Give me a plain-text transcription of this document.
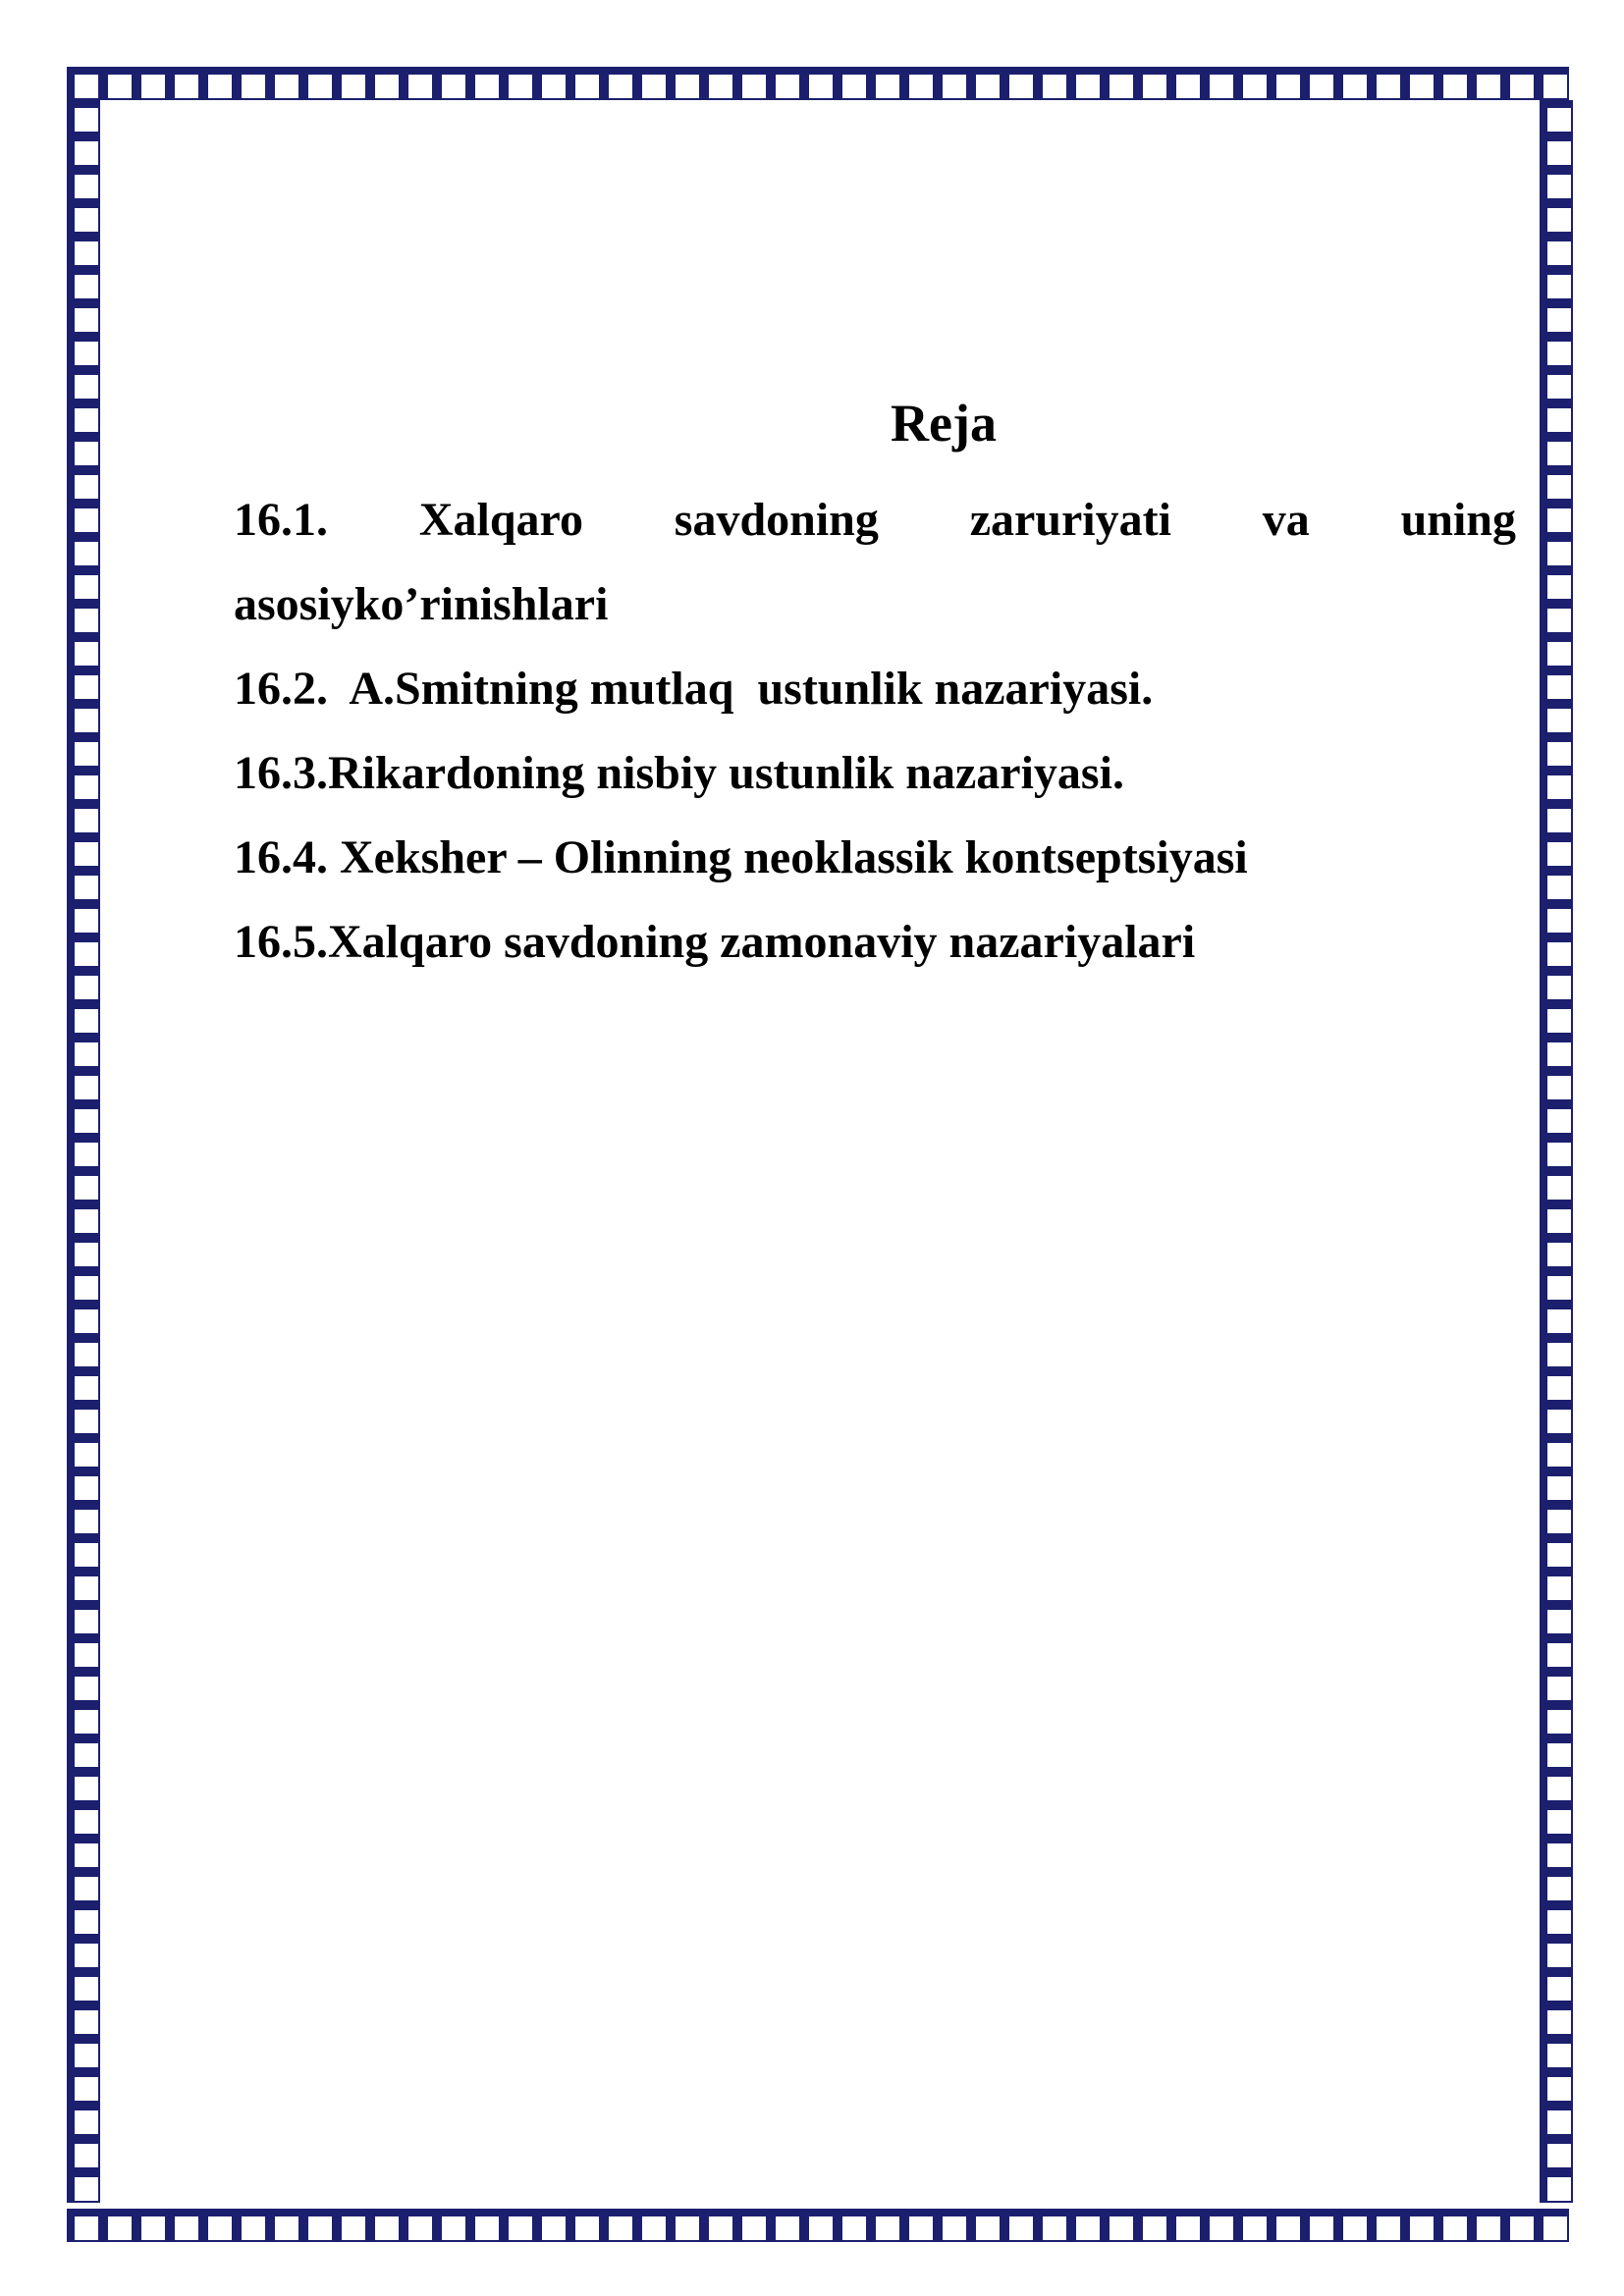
Reja
16.1. Xalqaro savdoning zaruriyati va uning

asosiyko’rinishlari

16.2.  A.Smitning mutlaq  ustunlik nazariyasi.

16.3.Rikardoning nisbiy ustunlik nazariyasi.

16.4. Xeksher – Olinning neoklassik kontseptsiyasi

16.5.Xalqaro savdoning zamonaviy nazariyalari
